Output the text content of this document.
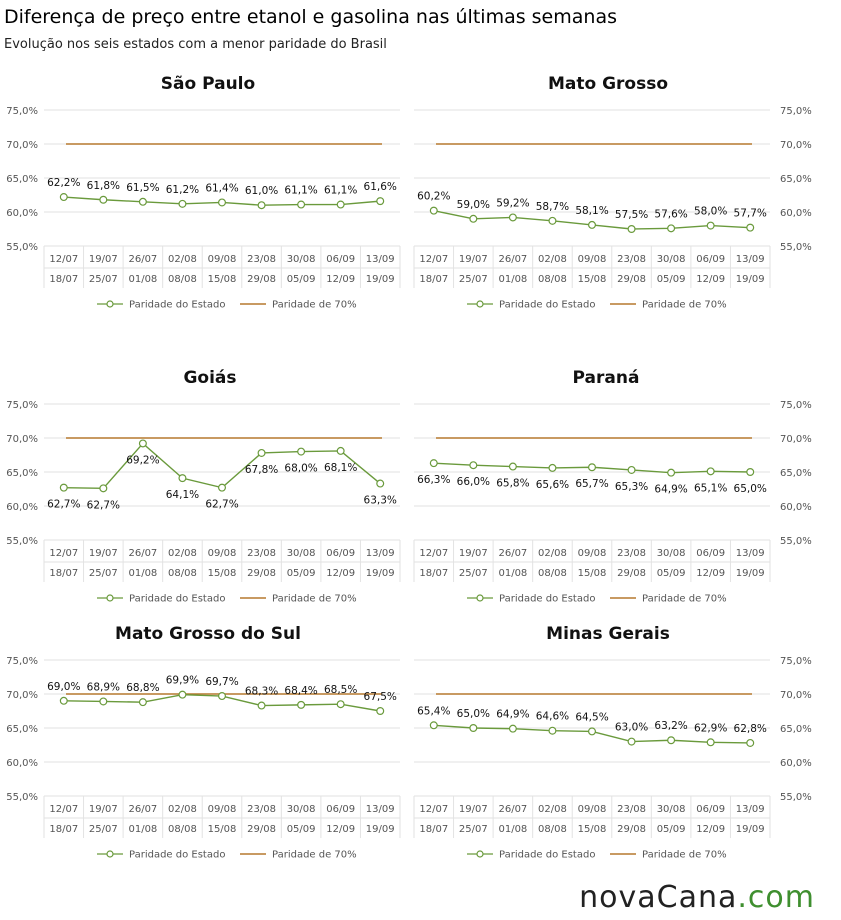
Diferença de preço entre etanol e gasolina nas últimas semanas
Evolução nos seis estados com a menor paridade do Brasil
São Paulo
55,0%
60,0%
65,0%
70,0%
75,0%
12/07
18/07
19/07
25/07
26/07
01/08
02/08
08/08
09/08
15/08
23/08
29/08
30/08
05/09
06/09
12/09
13/09
19/09
62,2% 61,8% 61,5% 61,2% 61,4% 61,0% 61,1% 61,1% 61,6%
Paridade do Estado	Paridade de 70%
Mato Grosso
55,0%
60,0%
65,0%
70,0%
75,0%
12/07
18/07
19/07
25/07
26/07
01/08
02/08
08/08
09/08
15/08
23/08
29/08
30/08
05/09
06/09
12/09
13/09
19/09
60,2%
59,0% 59,2% 58,7% 58,1% 57,5% 57,6% 58,0% 57,7%
Paridade do Estado	Paridade de 70%
Goiás
55,0%
60,0%
65,0%
70,0%
75,0%
12/07
18/07
19/07
25/07
26/07
01/08
02/08
08/08
09/08
15/08
23/08
29/08
30/08
05/09
06/09
12/09
13/09
19/09
62,7% 62,7%
69,2%
64,1%
62,7%
67,8% 68,0% 68,1%
63,3%
Paridade do Estado	Paridade de 70%
Paraná
55,0%
60,0%
65,0%
70,0%
75,0%
12/07
18/07
19/07
25/07
26/07
01/08
02/08
08/08
09/08
15/08
23/08
29/08
30/08
05/09
06/09
12/09
13/09
19/09
66,3% 66,0% 65,8% 65,6% 65,7% 65,3% 64,9% 65,1% 65,0%
Paridade do Estado	Paridade de 70%
Mato Grosso do Sul
55,0%
60,0%
65,0%
70,0%
75,0%
12/07
18/07
19/07
25/07
26/07
01/08
02/08
08/08
09/08
15/08
23/08
29/08
30/08
05/09
06/09
12/09
13/09
19/09
69,0% 68,9% 68,8%
69,9% 69,7%
68,3% 68,4% 68,5%
67,5%
Paridade do Estado	Paridade de 70%
Minas Gerais
55,0%
60,0%
65,0%
70,0%
75,0%
12/07
18/07
19/07
25/07
26/07
01/08
02/08
08/08
09/08
15/08
23/08
29/08
30/08
05/09
06/09
12/09
13/09
19/09
65,4% 65,0% 64,9% 64,6% 64,5%
63,0% 63,2% 62,9% 62,8%
Paridade do Estado	Paridade de 70%
novaCana.com
